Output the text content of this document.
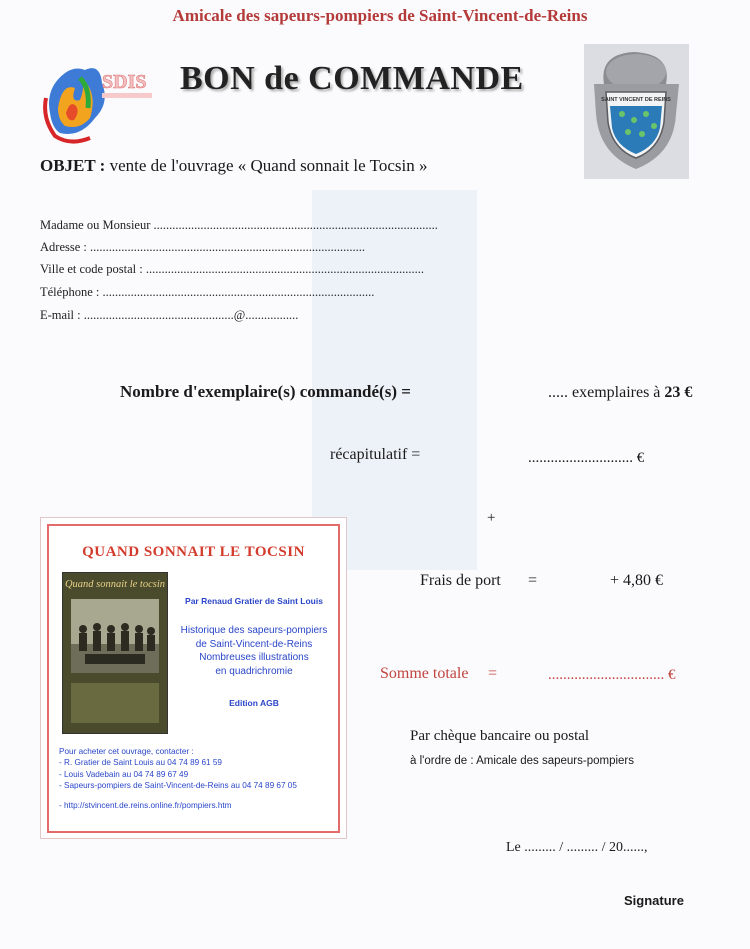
Amicale des sapeurs-pompiers de Saint-Vincent-de-Reins
SDIS BON de COMMANDE
SAINT VINCENT DE REINS
OBJET : vente de l'ouvrage « Quand sonnait le Tocsin »
Madame ou Monsieur ...........................................................................................
Adresse : ........................................................................................
Ville et code postal : .........................................................................................
Téléphone : .......................................................................................
E-mail : ................................................@.................
Nombre d'exemplaire(s) commandé(s) =	..... exemplaires à 23 €
récapitulatif =	............................ €
+
Frais de port =	+ 4,80 €
Somme totale =	............................... €
Par chèque bancaire ou postal
à l'ordre de : Amicale des sapeurs-pompiers
Le ......... / ......... / 20......,
Signature
QUAND SONNAIT LE TOCSIN
Quand sonnait le tocsin
Par Renaud Gratier de Saint Louis
Historique des sapeurs-pompiers
de Saint-Vincent-de-Reins
Nombreuses illustrations
en quadrichromie
Edition AGB
Pour acheter cet ouvrage, contacter :
- R. Gratier de Saint Louis au 04 74 89 61 59
- Louis Vadebain au 04 74 89 67 49
- Sapeurs-pompiers de Saint-Vincent-de-Reins au 04 74 89 67 05
- http://stvincent.de.reins.online.fr/pompiers.htm
